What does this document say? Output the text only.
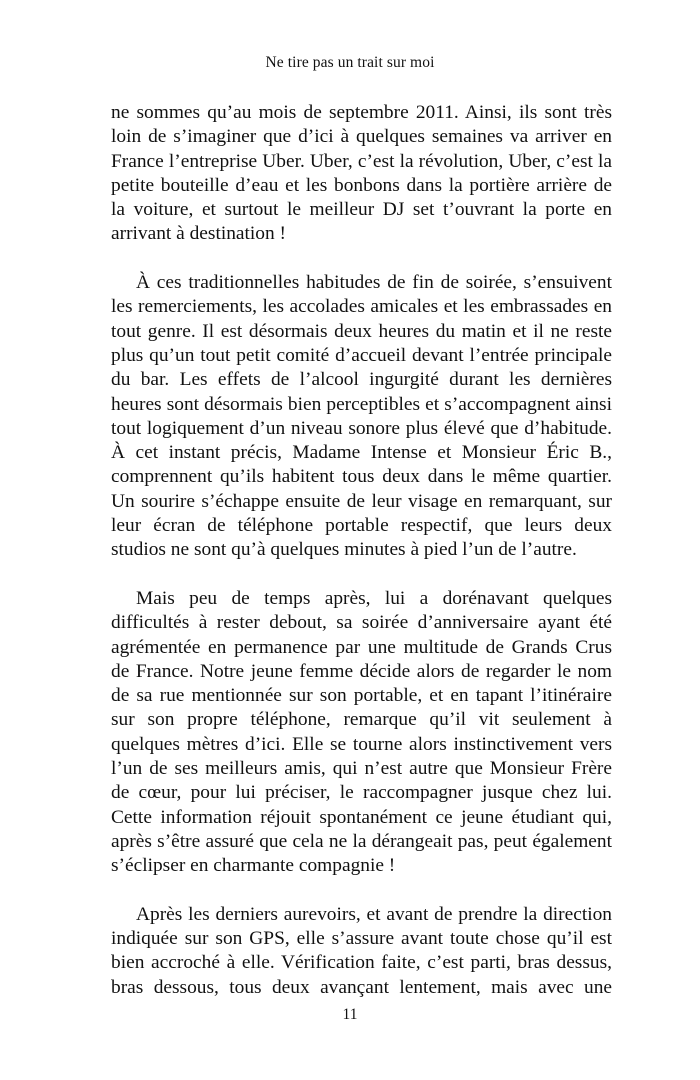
Ne tire pas un trait sur moi

ne sommes qu’au mois de septembre 2011. Ainsi, ils sont très loin de s’imaginer que d’ici à quelques semaines va arriver en France l’entreprise Uber. Uber, c’est la révolution, Uber, c’est la petite bouteille d’eau et les bonbons dans la portière arrière de la voiture, et surtout le meilleur DJ set t’ouvrant la porte en arrivant à destination !

À ces traditionnelles habitudes de fin de soirée, s’ensuivent les remerciements, les accolades amicales et les embrassades en tout genre. Il est désormais deux heures du matin et il ne reste plus qu’un tout petit comité d’accueil devant l’entrée principale du bar. Les effets de l’alcool ingurgité durant les dernières heures sont désormais bien perceptibles et s’accompagnent ainsi tout logiquement d’un niveau sonore plus élevé que d’habitude. À cet instant précis, Madame Intense et Monsieur Éric B., comprennent qu’ils habitent tous deux dans le même quartier. Un sourire s’échappe ensuite de leur visage en remarquant, sur leur écran de téléphone portable respectif, que leurs deux studios ne sont qu’à quelques minutes à pied l’un de l’autre.

Mais peu de temps après, lui a dorénavant quelques difficultés à rester debout, sa soirée d’anniversaire ayant été agrémentée en permanence par une multitude de Grands Crus de France. Notre jeune femme décide alors de regarder le nom de sa rue mentionnée sur son portable, et en tapant l’itinéraire sur son propre téléphone, remarque qu’il vit seulement à quelques mètres d’ici. Elle se tourne alors instinctivement vers l’un de ses meilleurs amis, qui n’est autre que Monsieur Frère de cœur, pour lui préciser, le raccompagner jusque chez lui. Cette information réjouit spontanément ce jeune étudiant qui, après s’être assuré que cela ne la dérangeait pas, peut également s’éclipser en charmante compagnie !

Après les derniers aurevoirs, et avant de prendre la direction indiquée sur son GPS, elle s’assure avant toute chose qu’il est bien accroché à elle. Vérification faite, c’est parti, bras dessus, bras dessous, tous deux avançant lentement, mais avec une

11
